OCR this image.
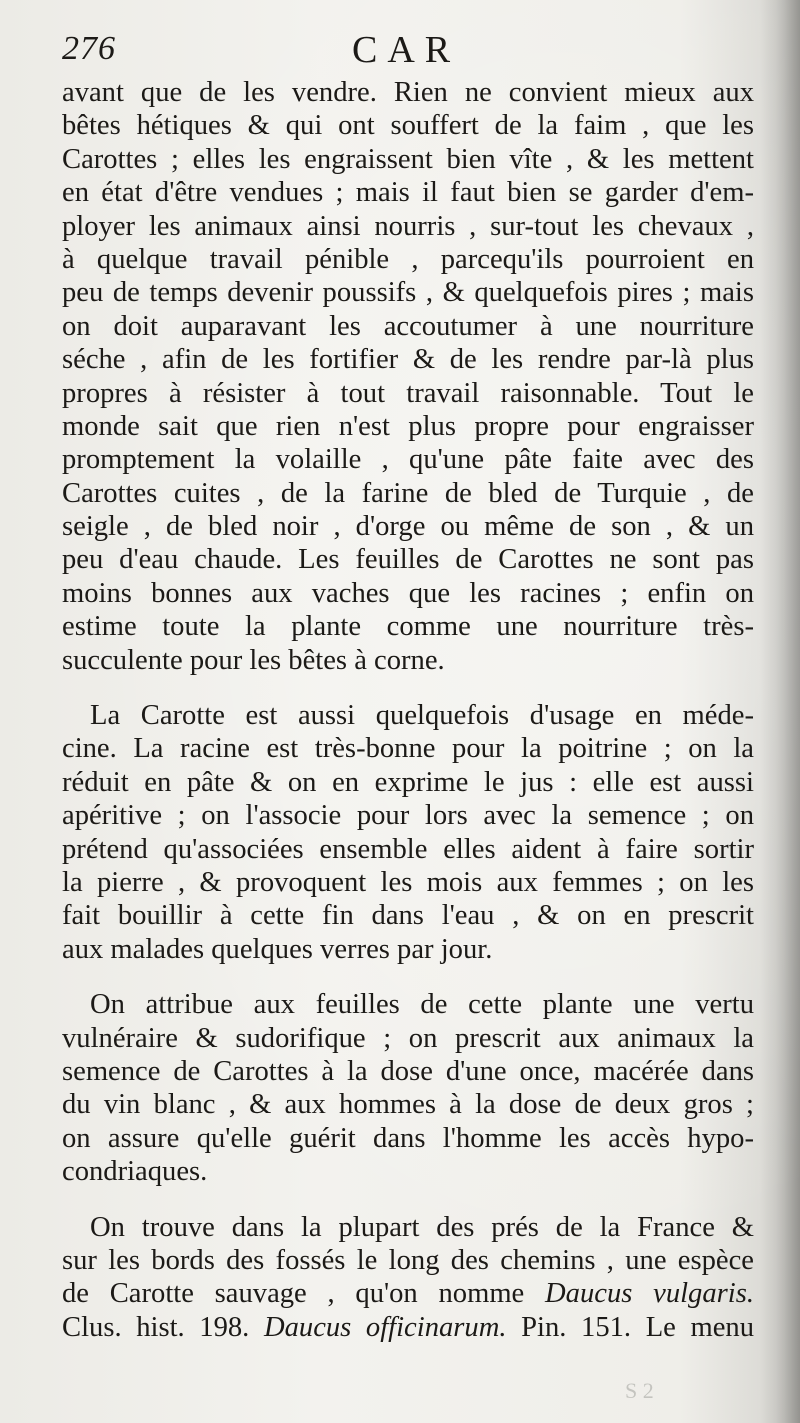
276	CAR
avant que de les vendre. Rien ne convient mieux aux
bêtes hétiques & qui ont souffert de la faim , que les
Carottes ; elles les engraissent bien vîte , & les mettent
en état d'être vendues ; mais il faut bien se garder d'em-
ployer les animaux ainsi nourris , sur-tout les chevaux ,
à quelque travail pénible , parcequ'ils pourroient en
peu de temps devenir poussifs , & quelquefois pires ; mais
on doit auparavant les accoutumer à une nourriture
séche , afin de les fortifier & de les rendre par-là plus
propres à résister à tout travail raisonnable. Tout le
monde sait que rien n'est plus propre pour engraisser
promptement la volaille , qu'une pâte faite avec des
Carottes cuites , de la farine de bled de Turquie , de
seigle , de bled noir , d'orge ou même de son , & un
peu d'eau chaude. Les feuilles de Carottes ne sont pas
moins bonnes aux vaches que les racines ; enfin on
estime toute la plante comme une nourriture très-
succulente pour les bêtes à corne.
La Carotte est aussi quelquefois d'usage en méde-
cine. La racine est très-bonne pour la poitrine ; on la
réduit en pâte & on en exprime le jus : elle est aussi
apéritive ; on l'associe pour lors avec la semence ; on
prétend qu'associées ensemble elles aident à faire sortir
la pierre , & provoquent les mois aux femmes ; on les
fait bouillir à cette fin dans l'eau , & on en prescrit
aux malades quelques verres par jour.
On attribue aux feuilles de cette plante une vertu
vulnéraire & sudorifique ; on prescrit aux animaux la
semence de Carottes à la dose d'une once, macérée dans
du vin blanc , & aux hommes à la dose de deux gros ;
on assure qu'elle guérit dans l'homme les accès hypo-
condriaques.
On trouve dans la plupart des prés de la France &
sur les bords des fossés le long des chemins , une espèce
de Carotte sauvage , qu'on nomme Daucus vulgaris.
Clus. hist. 198. Daucus officinarum. Pin. 151. Le menu
S 2
